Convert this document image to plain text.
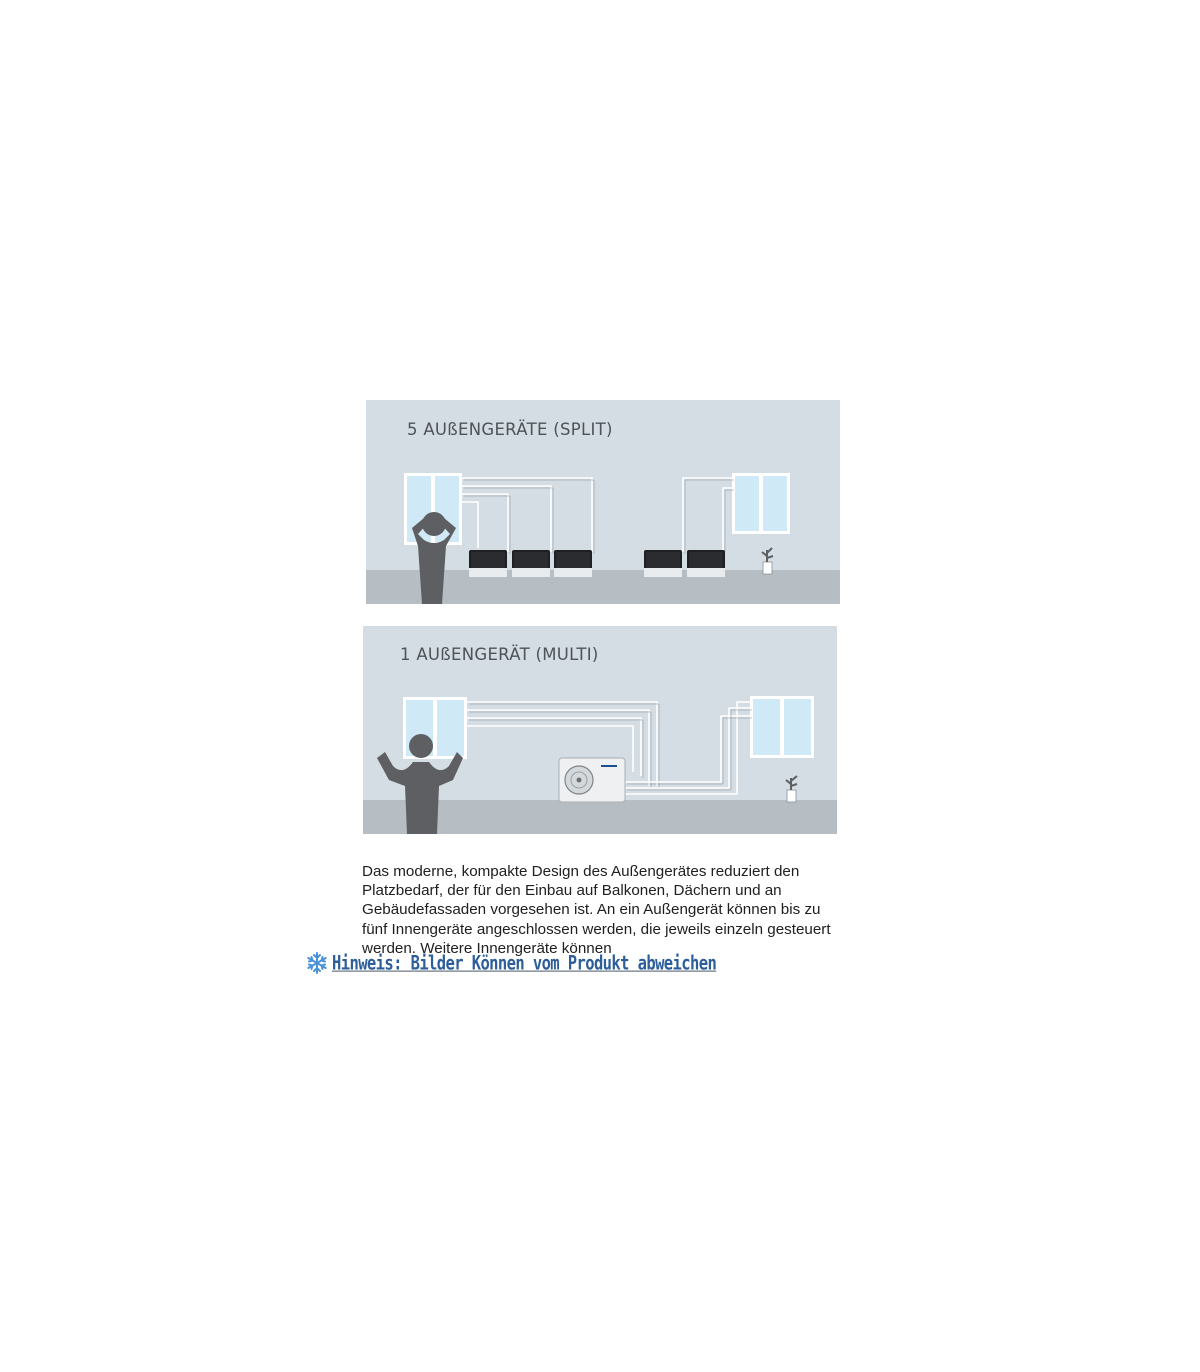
5 AUßENGERÄTE (SPLIT)
1 AUßENGERÄT (MULTI)

Das moderne, kompakte Design des Außengerätes reduziert den Platzbedarf, der für den Einbau auf Balkonen, Dächern und an Gebäudefassaden vorgesehen ist. An ein Außengerät können bis zu fünf Innengeräte angeschlossen werden, die jeweils einzeln gesteuert werden. Weitere Innengeräte können

Hinweis: Bilder Können vom Produkt abweichen
